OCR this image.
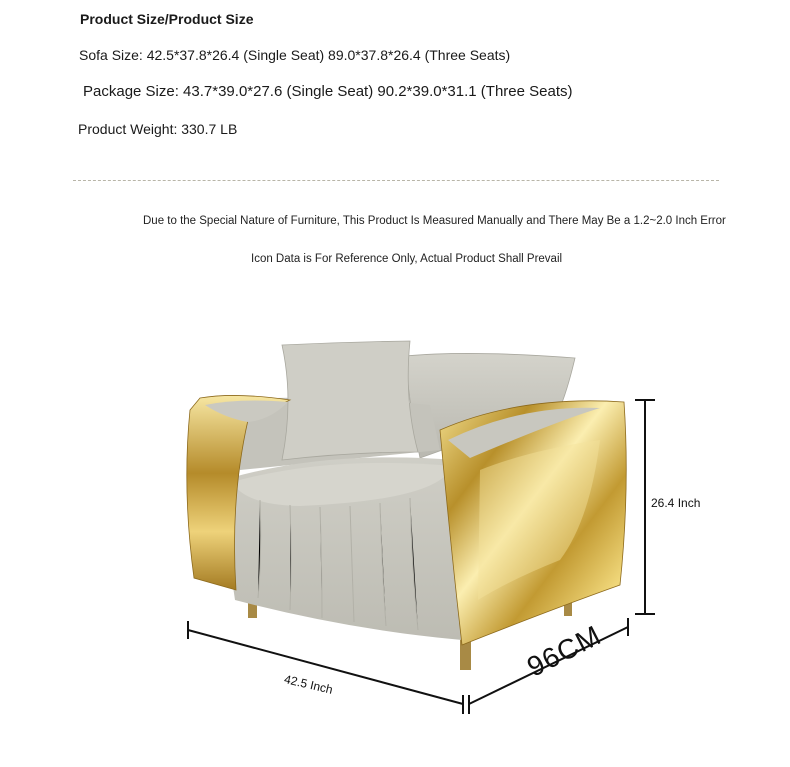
Product Size/Product Size
Sofa Size: 42.5*37.8*26.4 (Single Seat) 89.0*37.8*26.4 (Three Seats)
Package Size: 43.7*39.0*27.6 (Single Seat) 90.2*39.0*31.1 (Three Seats)
Product Weight: 330.7 LB
Due to the Special Nature of Furniture, This Product Is Measured Manually and There May Be a 1.2~2.0 Inch Error
Icon Data is For Reference Only, Actual Product Shall Prevail
26.4 Inch
42.5 Inch
96CM
